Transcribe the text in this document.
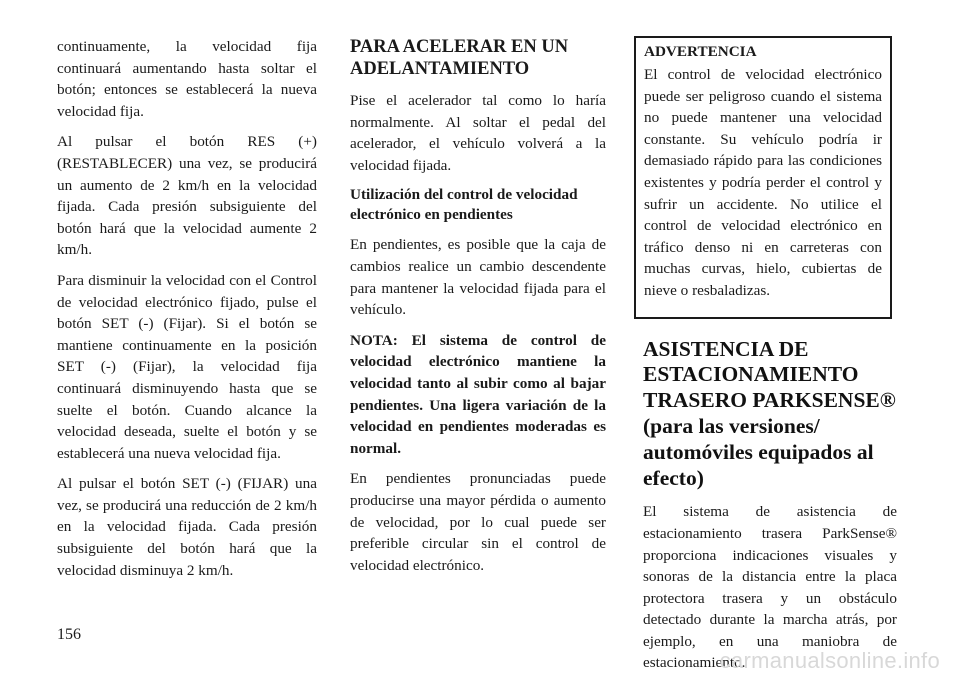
continuamente, la velocidad fija continuará aumentando hasta soltar el botón; entonces se establecerá la nueva velocidad fija.

Al pulsar el botón RES (+) (RESTABLECER) una vez, se producirá un aumento de 2 km/h en la velocidad fijada. Cada presión subsiguiente del botón hará que la velocidad aumente 2 km/h.

Para disminuir la velocidad con el Control de velocidad electrónico fijado, pulse el botón SET (-) (Fijar). Si el botón se mantiene continuamente en la posición SET (-) (Fijar), la velocidad fija continuará disminuyendo hasta que se suelte el botón. Cuando alcance la velocidad deseada, suelte el botón y se establecerá una nueva velocidad fija.

Al pulsar el botón SET (-) (FIJAR) una vez, se producirá una reducción de 2 km/h en la velocidad fijada. Cada presión subsiguiente del botón hará que la velocidad disminuya 2 km/h.

PARA ACELERAR EN UN ADELANTAMIENTO

Pise el acelerador tal como lo haría normalmente. Al soltar el pedal del acelerador, el vehículo volverá a la velocidad fijada.

Utilización del control de velocidad electrónico en pendientes

En pendientes, es posible que la caja de cambios realice un cambio descendente para mantener la velocidad fijada para el vehículo.

NOTA: El sistema de control de velocidad electrónico mantiene la velocidad tanto al subir como al bajar pendientes. Una ligera variación de la velocidad en pendientes moderadas es normal.

En pendientes pronunciadas puede producirse una mayor pérdida o aumento de velocidad, por lo cual puede ser preferible circular sin el control de velocidad electrónico.

ADVERTENCIA

El control de velocidad electrónico puede ser peligroso cuando el sistema no puede mantener una velocidad constante. Su vehículo podría ir demasiado rápido para las condiciones existentes y podría perder el control y sufrir un accidente. No utilice el control de velocidad electrónico en tráfico denso ni en carreteras con muchas curvas, hielo, cubiertas de nieve o resbaladizas.

ASISTENCIA DE ESTACIONAMIENTO TRASERO PARKSENSE® (para las versiones/ automóviles equipados al efecto)

El sistema de asistencia de estacionamiento trasera ParkSense® proporciona indicaciones visuales y sonoras de la distancia entre la placa protectora trasera y un obstáculo detectado durante la marcha atrás, por ejemplo, en una maniobra de estacionamiento.

156
carmanualsonline.info
